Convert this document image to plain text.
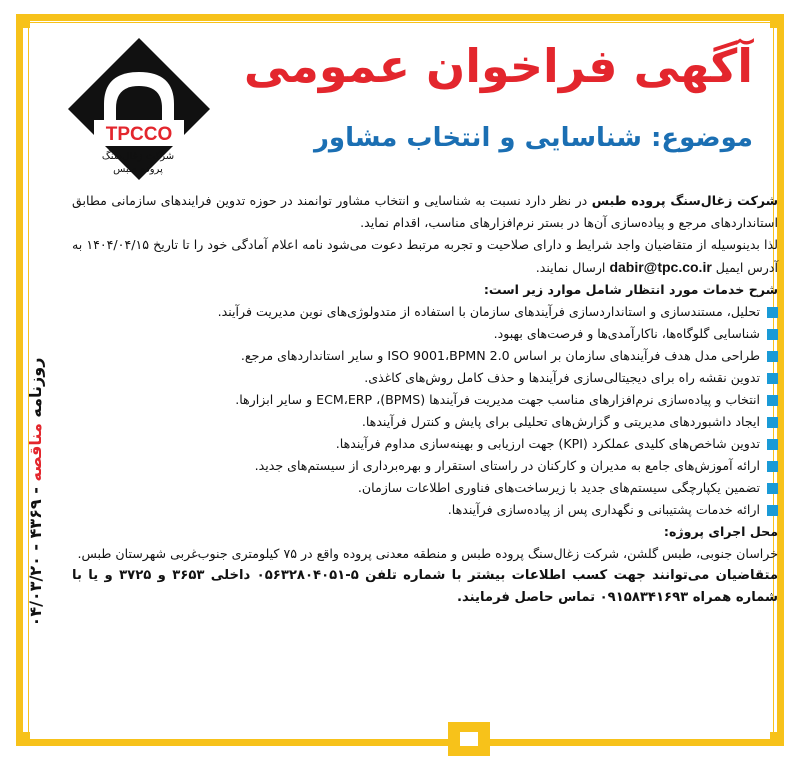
TPCCO
شرکت زغال‌سنگ
پروده طبس
آگهی فراخوان عمومی
موضوع: شناسایی و انتخاب مشاور

شرکت زغال‌سنگ پروده طبس در نظر دارد نسبت به شناسایی و انتخاب مشاور توانمند در حوزه تدوین فرایندهای سازمانی مطابق استانداردهای مرجع و پیاده‌سازی آن‌ها در بستر نرم‌افزارهای مناسب، اقدام نماید.

لذا بدینوسیله از متقاضیان واجد شرایط و دارای صلاحیت و تجربه مرتبط دعوت می‌شود نامه اعلام آمادگی خود را تا تاریخ ۱۴۰۴/۰۴/۱۵ به آدرس ایمیل dabir@tpc.co.ir ارسال نمایند.

شرح خدمات مورد انتظار شامل موارد زیر است:

تحلیل، مستندسازی و استانداردسازی فرآیندهای سازمان با استفاده از متدولوژی‌های نوین مدیریت فرآیند.
شناسایی گلوگاه‌ها، ناکارآمدی‌ها و فرصت‌های بهبود.
طراحی مدل هدف فرآیندهای سازمان بر اساس ISO 9001،BPMN 2.0 و سایر استانداردهای مرجع.
تدوین نقشه راه برای دیجیتالی‌سازی فرآیندها و حذف کامل روش‌های کاغذی.
انتخاب و پیاده‌سازی نرم‌افزارهای مناسب جهت مدیریت فرآیندها (BPMS)، ECM،ERP و سایر ابزارها.
ایجاد داشبوردهای مدیریتی و گزارش‌های تحلیلی برای پایش و کنترل فرآیندها.
تدوین شاخص‌های کلیدی عملکرد (KPI) جهت ارزیابی و بهینه‌سازی مداوم فرآیندها.
ارائه آموزش‌های جامع به مدیران و کارکنان در راستای استقرار و بهره‌برداری از سیستم‌های جدید.
تضمین یکپارچگی سیستم‌های جدید با زیرساخت‌های فناوری اطلاعات سازمان.
ارائه خدمات پشتیبانی و نگهداری پس از پیاده‌سازی فرآیندها.

محل اجرای پروژه:

خراسان جنوبی، طبس گلشن، شرکت زغال‌سنگ پروده طبس و منطقه معدنی پروده واقع در ۷۵ کیلومتری جنوب‌غربی شهرستان طبس.

متقاضیان می‌توانند جهت کسب اطلاعات بیشتر با شماره تلفن ۵-۰۵۶۳۲۸۰۴۰۵۱ داخلی ۳۶۵۳ و ۳۷۲۵ و یا با شماره همراه ۰۹۱۵۸۳۴۱۶۹۳ تماس حاصل فرمایند.

روزنامه مناقصه - ۴۳۶۹ - ۰۴/۰۳/۲۰
